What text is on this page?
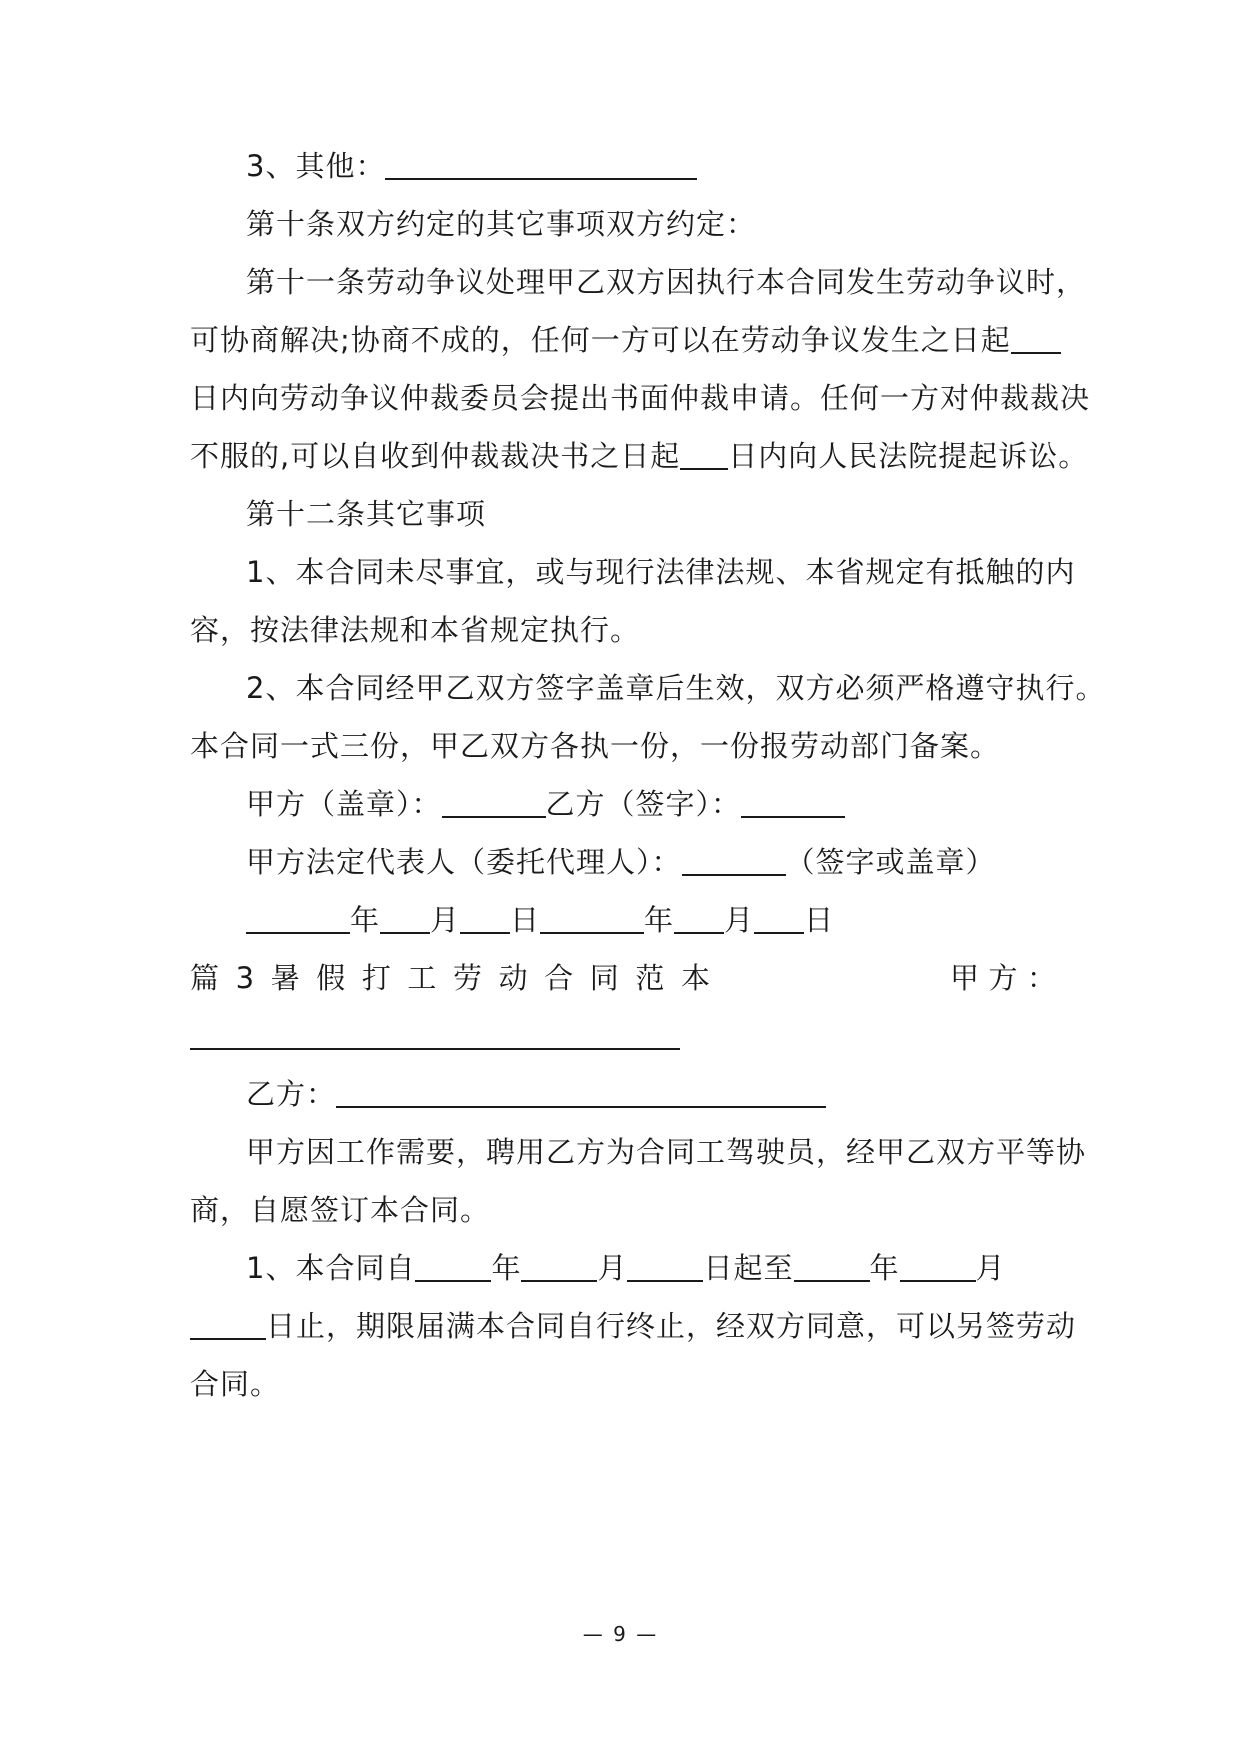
3、其他：
第十条双方约定的其它事项双方约定：
第十一条劳动争议处理甲乙双方因执行本合同发生劳动争议时，
可协商解决;协商不成的，任何一方可以在劳动争议发生之日起
日内向劳动争议仲裁委员会提出书面仲裁申请。任何一方对仲裁裁决
不服的,可以自收到仲裁裁决书之日起 日内向人民法院提起诉讼。
第十二条其它事项
1、本合同未尽事宜，或与现行法律法规、本省规定有抵触的内
容，按法律法规和本省规定执行。
2、本合同经甲乙双方签字盖章后生效，双方必须严格遵守执行。
本合同一式三份，甲乙双方各执一份，一份报劳动部门备案。
甲方（盖章）：	乙方（签字）：
甲方法定代表人（委托代理人）：	（签字或盖章）
年 月 日	年 月 日
篇 3 暑 假 打 工 劳 动 合 同 范 本	甲 方 ：
乙方：
甲方因工作需要，聘用乙方为合同工驾驶员，经甲乙双方平等协
商，自愿签订本合同。
1、本合同自	年	月	日起至	年	月
日止，期限届满本合同自行终止，经双方同意，可以另签劳动
合同。
— 9 —
